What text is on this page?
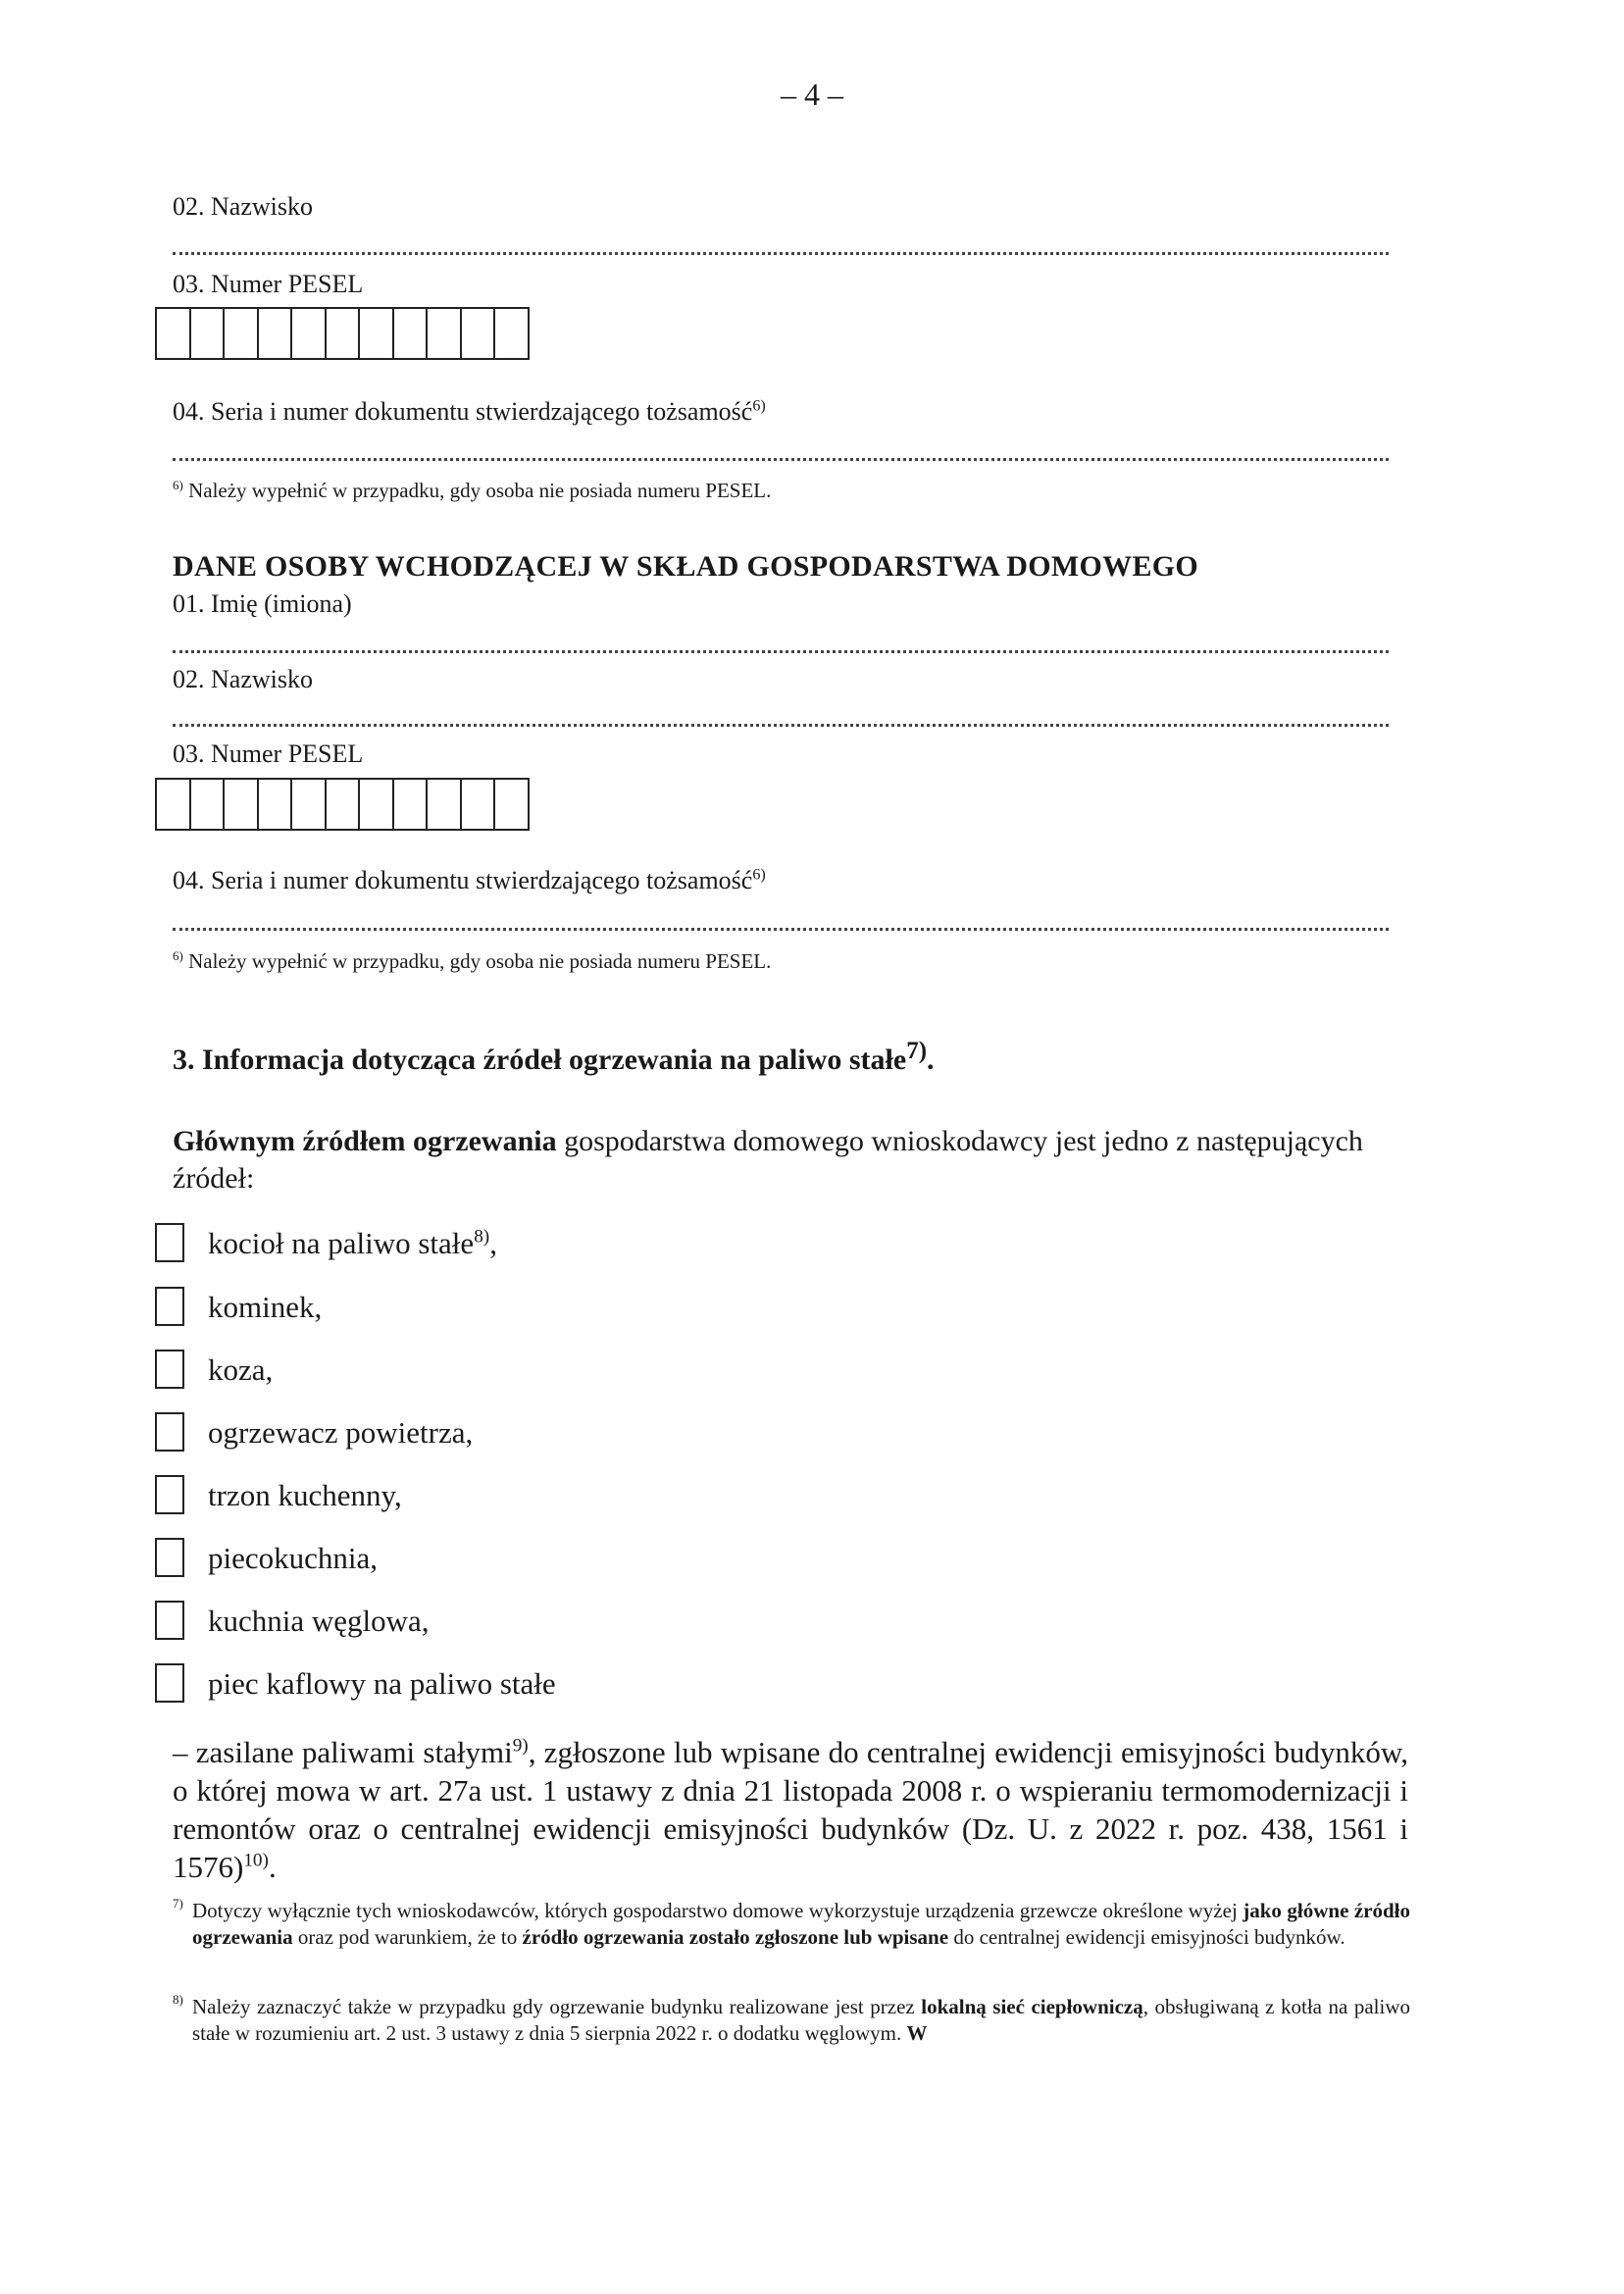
– 4 –
02. Nazwisko
03. Numer PESEL
04. Seria i numer dokumentu stwierdzającego tożsamość$^{6)}$
$^{6)}$ Należy wypełnić w przypadku, gdy osoba nie posiada numeru PESEL.
DANE OSOBY WCHODZĄCEJ W SKŁAD GOSPODARSTWA DOMOWEGO
01. Imię (imiona)
02. Nazwisko
03. Numer PESEL
04. Seria i numer dokumentu stwierdzającego tożsamość$^{6)}$
$^{6)}$ Należy wypełnić w przypadku, gdy osoba nie posiada numeru PESEL.
3. Informacja dotycząca źródeł ogrzewania na paliwo stałe$^{7)}$.
Głównym źródłem ogrzewania gospodarstwa domowego wnioskodawcy jest jedno z następujących źródeł:
kocioł na paliwo stałe$^{8)}$,
kominek,
koza,
ogrzewacz powietrza,
trzon kuchenny,
piecokuchnia,
kuchnia węglowa,
piec kaflowy na paliwo stałe
– zasilane paliwami stałymi$^{9)}$, zgłoszone lub wpisane do centralnej ewidencji emisyjności budynków, o której mowa w art. 27a ust. 1 ustawy z dnia 21 listopada 2008 r. o wspieraniu termomodernizacji i remontów oraz o centralnej ewidencji emisyjności budynków (Dz. U. z 2022 r. poz. 438, 1561 i 1576)$^{10)}$.
7) Dotyczy wyłącznie tych wnioskodawców, których gospodarstwo domowe wykorzystuje urządzenia grzewcze określone wyżej jako główne źródło ogrzewania oraz pod warunkiem, że to źródło ogrzewania zostało zgłoszone lub wpisane do centralnej ewidencji emisyjności budynków.
8) Należy zaznaczyć także w przypadku gdy ogrzewanie budynku realizowane jest przez lokalną sieć ciepłowniczą, obsługiwaną z kotła na paliwo stałe w rozumieniu art. 2 ust. 3 ustawy z dnia 5 sierpnia 2022 r. o dodatku węglowym. W
